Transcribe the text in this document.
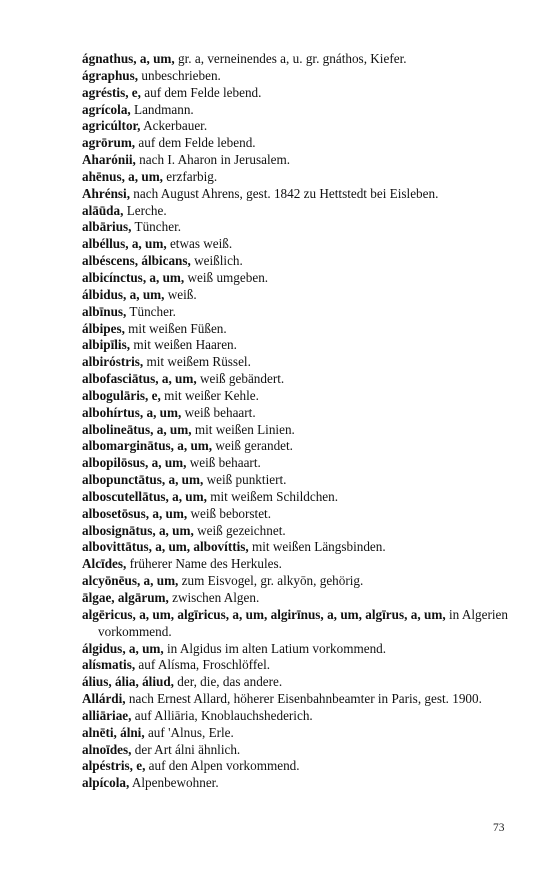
ágnathus, a, um, gr. a, verneinendes a, u. gr. gnáthos, Kiefer.

ágraphus, unbeschrieben.

agréstis, e, auf dem Felde lebend.

agrícola, Landmann.

agricúltor, Ackerbauer.

agrōrum, auf dem Felde lebend.

Aharónii, nach I. Aharon in Jerusalem.

ahēnus, a, um, erzfarbig.

Ahrénsi, nach August Ahrens, gest. 1842 zu Hettstedt bei Eisleben.

alāūda, Lerche.

albārius, Tüncher.

albéllus, a, um, etwas weiß.

albéscens, álbicans, weißlich.

albicínctus, a, um, weiß umgeben.

álbidus, a, um, weiß.

albīnus, Tüncher.

álbipes, mit weißen Füßen.

albipīlis, mit weißen Haaren.

albiróstris, mit weißem Rüssel.

albofasciātus, a, um, weiß gebändert.

albogulāris, e, mit weißer Kehle.

albohírtus, a, um, weiß behaart.

albolineātus, a, um, mit weißen Linien.

albomarginātus, a, um, weiß gerandet.

albopilōsus, a, um, weiß behaart.

albopunctātus, a, um, weiß punktiert.

alboscutellātus, a, um, mit weißem Schildchen.

albosetōsus, a, um, weiß beborstet.

albosignātus, a, um, weiß gezeichnet.

albovittātus, a, um, albovíttis, mit weißen Längsbinden.

Alcīdes, früherer Name des Herkules.

alcyōnēus, a, um, zum Eisvogel, gr. alkyōn, gehörig.

ālgae, algārum, zwischen Algen.

algēricus, a, um, algīricus, a, um, algirīnus, a, um, algīrus, a, um, in Algerien vorkommend.

álgidus, a, um, in Algidus im alten Latium vorkommend.

alísmatis, auf Alísma, Froschlöffel.

álius, ália, áliud, der, die, das andere.

Allárdi, nach Ernest Allard, höherer Eisenbahnbeamter in Paris, gest. 1900.

alliāriae, auf Alliāria, Knoblauchshederich.

alnēti, álni, auf 'Alnus, Erle.

alnoīdes, der Art álni ähnlich.

alpéstris, e, auf den Alpen vorkommend.

alpícola, Alpenbewohner.

73
